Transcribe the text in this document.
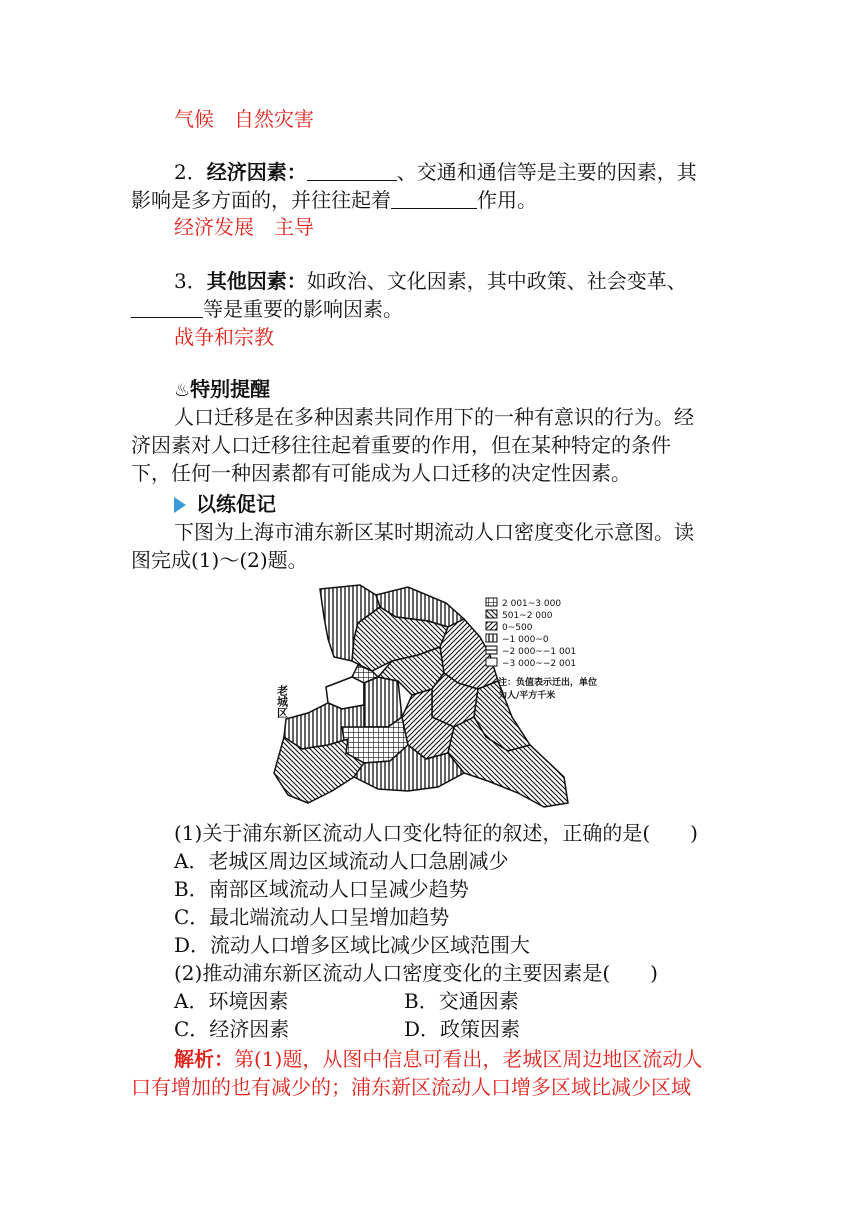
气候　自然灾害
2．经济因素：	、交通和通信等是主要的因素，其
影响是多方面的，并往往起着	作用。
经济发展　主导
3．其他因素：如政治、文化因素，其中政策、社会变革、
等是重要的影响因素。
战争和宗教
♨特别提醒
人口迁移是在多种因素共同作用下的一种有意识的行为。经
济因素对人口迁移往往起着重要的作用，但在某种特定的条件
下，任何一种因素都有可能成为人口迁移的决定性因素。
以练促记
下图为上海市浦东新区某时期流动人口密度变化示意图。读
图完成(1)～(2)题。
老城区
2 001~3 000
501~2 000
0~500
−1 000~0
−2 000~−1 001
−3 000~−2 001
注：负值表示迁出，单位
为人/平方千米
(1)关于浦东新区流动人口变化特征的叙述，正确的是(　　)
A．老城区周边区域流动人口急剧减少
B．南部区域流动人口呈减少趋势
C．最北端流动人口呈增加趋势
D．流动人口增多区域比减少区域范围大
(2)推动浦东新区流动人口密度变化的主要因素是(　　)
A．环境因素	B．交通因素
C．经济因素	D．政策因素
解析：第(1)题，从图中信息可看出，老城区周边地区流动人
口有增加的也有减少的；浦东新区流动人口增多区域比减少区域
